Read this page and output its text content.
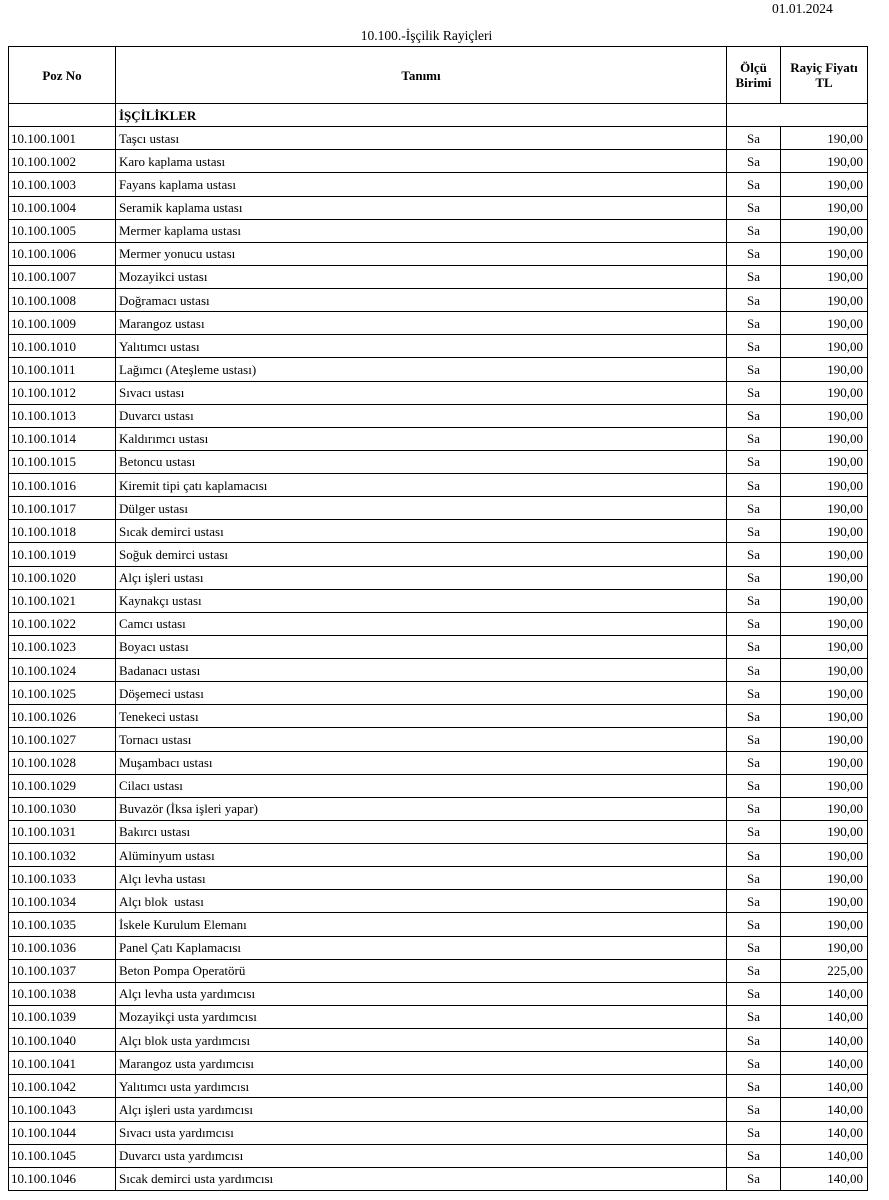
01.01.2024
10.100.-İşçilik Rayiçleri
Poz No	Tanımı	Ölçü Birimi	Rayiç Fiyatı TL
	İŞÇİLİKLER		
10.100.1001	Taşcı ustası	Sa	190,00
10.100.1002	Karo kaplama ustası	Sa	190,00
10.100.1003	Fayans kaplama ustası	Sa	190,00
10.100.1004	Seramik kaplama ustası	Sa	190,00
10.100.1005	Mermer kaplama ustası	Sa	190,00
10.100.1006	Mermer yonucu ustası	Sa	190,00
10.100.1007	Mozayikci ustası	Sa	190,00
10.100.1008	Doğramacı ustası	Sa	190,00
10.100.1009	Marangoz ustası	Sa	190,00
10.100.1010	Yalıtımcı ustası	Sa	190,00
10.100.1011	Lağımcı (Ateşleme ustası)	Sa	190,00
10.100.1012	Sıvacı ustası	Sa	190,00
10.100.1013	Duvarcı ustası	Sa	190,00
10.100.1014	Kaldırımcı ustası	Sa	190,00
10.100.1015	Betoncu ustası	Sa	190,00
10.100.1016	Kiremit tipi çatı kaplamacısı	Sa	190,00
10.100.1017	Dülger ustası	Sa	190,00
10.100.1018	Sıcak demirci ustası	Sa	190,00
10.100.1019	Soğuk demirci ustası	Sa	190,00
10.100.1020	Alçı işleri ustası	Sa	190,00
10.100.1021	Kaynakçı ustası	Sa	190,00
10.100.1022	Camcı ustası	Sa	190,00
10.100.1023	Boyacı ustası	Sa	190,00
10.100.1024	Badanacı ustası	Sa	190,00
10.100.1025	Döşemeci ustası	Sa	190,00
10.100.1026	Tenekeci ustası	Sa	190,00
10.100.1027	Tornacı ustası	Sa	190,00
10.100.1028	Muşambacı ustası	Sa	190,00
10.100.1029	Cilacı ustası	Sa	190,00
10.100.1030	Buvazör (İksa işleri yapar)	Sa	190,00
10.100.1031	Bakırcı ustası	Sa	190,00
10.100.1032	Alüminyum ustası	Sa	190,00
10.100.1033	Alçı levha ustası	Sa	190,00
10.100.1034	Alçı blok  ustası	Sa	190,00
10.100.1035	İskele Kurulum Elemanı	Sa	190,00
10.100.1036	Panel Çatı Kaplamacısı	Sa	190,00
10.100.1037	Beton Pompa Operatörü	Sa	225,00
10.100.1038	Alçı levha usta yardımcısı	Sa	140,00
10.100.1039	Mozayikçi usta yardımcısı	Sa	140,00
10.100.1040	Alçı blok usta yardımcısı	Sa	140,00
10.100.1041	Marangoz usta yardımcısı	Sa	140,00
10.100.1042	Yalıtımcı usta yardımcısı	Sa	140,00
10.100.1043	Alçı işleri usta yardımcısı	Sa	140,00
10.100.1044	Sıvacı usta yardımcısı	Sa	140,00
10.100.1045	Duvarcı usta yardımcısı	Sa	140,00
10.100.1046	Sıcak demirci usta yardımcısı	Sa	140,00
